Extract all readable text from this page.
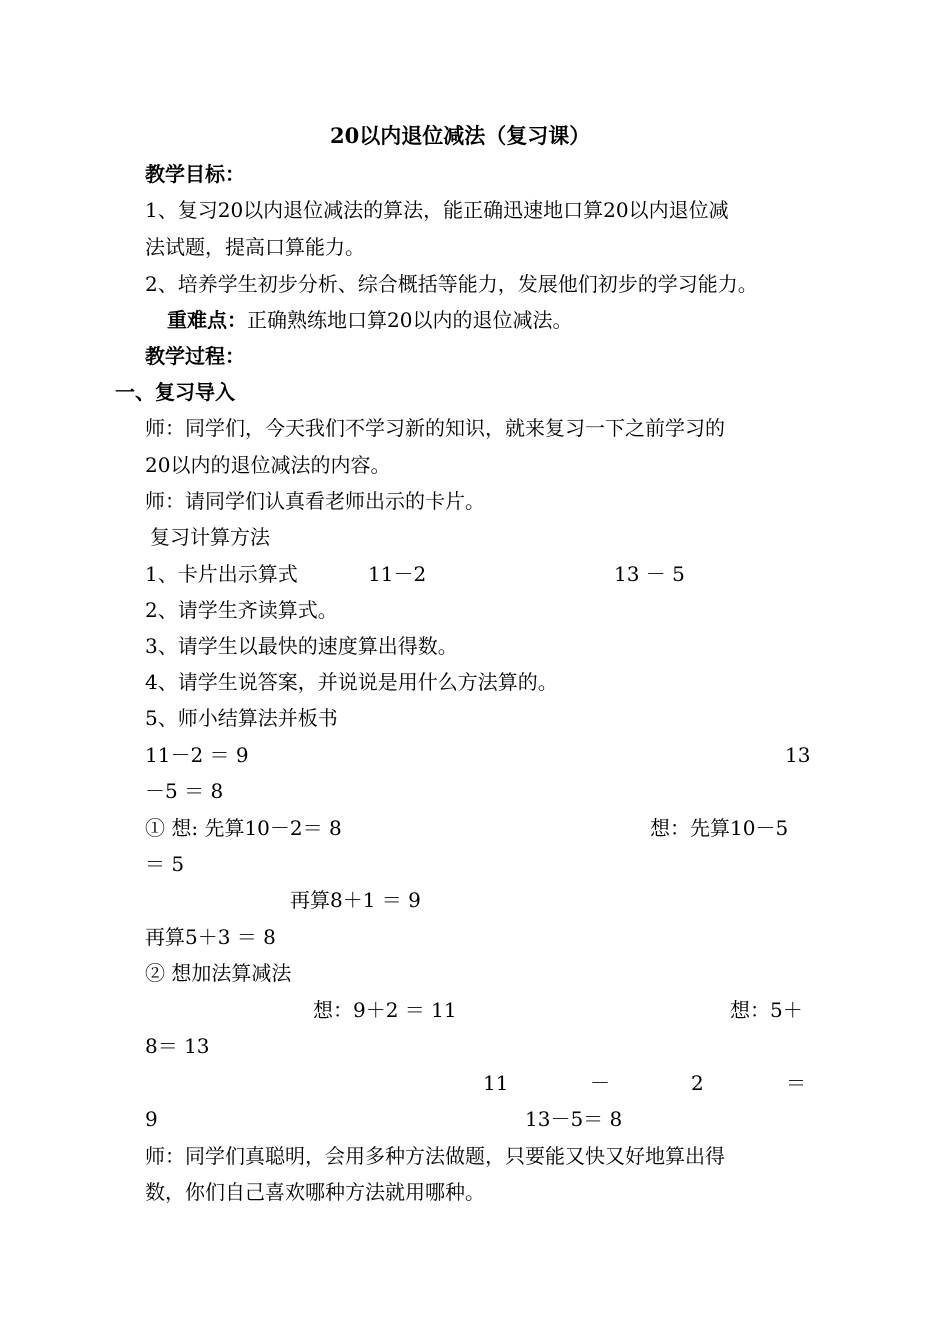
20以内退位减法（复习课）
教学目标：
1、复习20以内退位减法的算法，能正确迅速地口算20以内退位减
法试题，提高口算能力。
2、培养学生初步分析、综合概括等能力，发展他们初步的学习能力。
重难点：正确熟练地口算20以内的退位减法。
教学过程：
一、复习导入
师：同学们，今天我们不学习新的知识，就来复习一下之前学习的
20以内的退位减法的内容。
师：请同学们认真看老师出示的卡片。
复习计算方法
1、卡片出示算式	11－2	13 － 5
2、请学生齐读算式。
3、请学生以最快的速度算出得数。
4、请学生说答案，并说说是用什么方法算的。
5、师小结算法并板书
11－2 ＝ 9	13
－5 ＝ 8
① 想: 先算10－2＝ 8	想：先算10－5
＝ 5
再算8＋1 ＝ 9
再算5＋3 ＝ 8
② 想加法算减法
想：9＋2 ＝ 11	想：5＋
8＝ 13
11	－	2	＝
9	13－5＝ 8
师：同学们真聪明，会用多种方法做题，只要能又快又好地算出得
数，你们自己喜欢哪种方法就用哪种。
